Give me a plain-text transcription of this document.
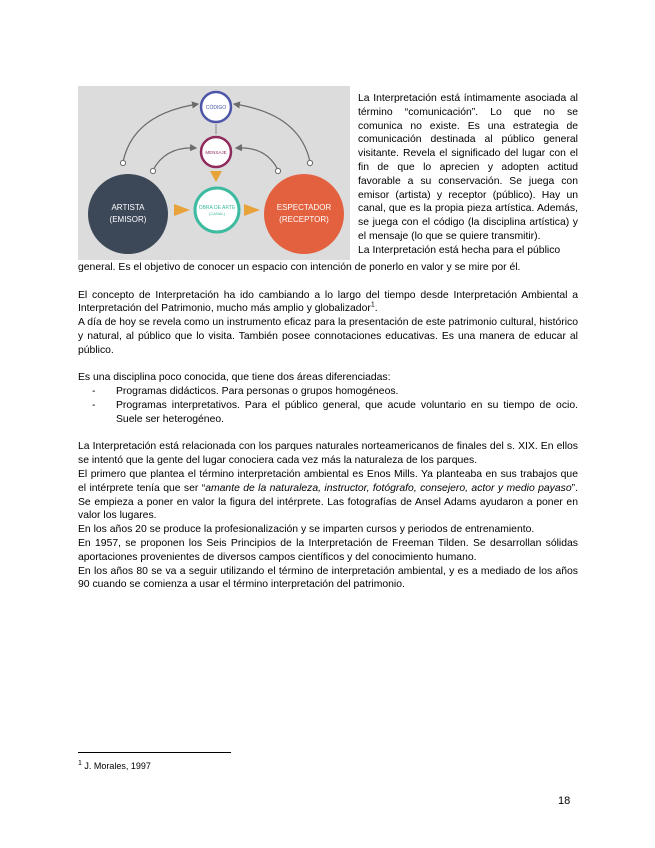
CÓDIGO
MENSAJE
OBRA DE ARTE
(CANAL)
ARTISTA
(EMISOR)
ESPECTADOR
(RECEPTOR)

La Interpretación está íntimamente asociada al término “comunicación”. Lo que no se comunica no existe. Es una estrategia de comunicación destinada al público general visitante. Revela el significado del lugar con el fin de que lo aprecien y adopten actitud favorable a su conservación. Se juega con emisor (artista) y receptor (público). Hay un canal, que es la propia pieza artística. Además, se juega con el código (la disciplina artística) y el mensaje (lo que se quiere transmitir).

La Interpretación está hecha para el público

general. Es el objetivo de conocer un espacio con intención de ponerlo en valor y se mire por él.

El concepto de Interpretación ha ido cambiando a lo largo del tiempo desde Interpretación Ambiental a Interpretación del Patrimonio, mucho más amplio y globalizador$^1$.

A día de hoy se revela como un instrumento eficaz para la presentación de este patrimonio cultural, histórico y natural, al público que lo visita. También posee connotaciones educativas. Es una manera de educar al público.

Es una disciplina poco conocida, que tiene dos áreas diferenciadas:

- Programas didácticos. Para personas o grupos homogéneos.
- Programas interpretativos. Para el público general, que acude voluntario en su tiempo de ocio. Suele ser heterogéneo.

La Interpretación está relacionada con los parques naturales norteamericanos de finales del s. XIX. En ellos se intentó que la gente del lugar conociera cada vez más la naturaleza de los parques.

El primero que plantea el término interpretación ambiental es Enos Mills. Ya planteaba en sus trabajos que el intérprete tenía que ser “amante de la naturaleza, instructor, fotógrafo, consejero, actor y medio payaso”. Se empieza a poner en valor la figura del intérprete. Las fotografías de Ansel Adams ayudaron a poner en valor los lugares.

En los años 20 se produce la profesionalización y se imparten cursos y periodos de entrenamiento.

En 1957, se proponen los Seis Principios de la Interpretación de Freeman Tilden. Se desarrollan sólidas aportaciones provenientes de diversos campos científicos y del conocimiento humano.

En los años 80 se va a seguir utilizando el término de interpretación ambiental, y es a mediado de los años 90 cuando se comienza a usar el término interpretación del patrimonio.

$^1$ J. Morales, 1997
18
